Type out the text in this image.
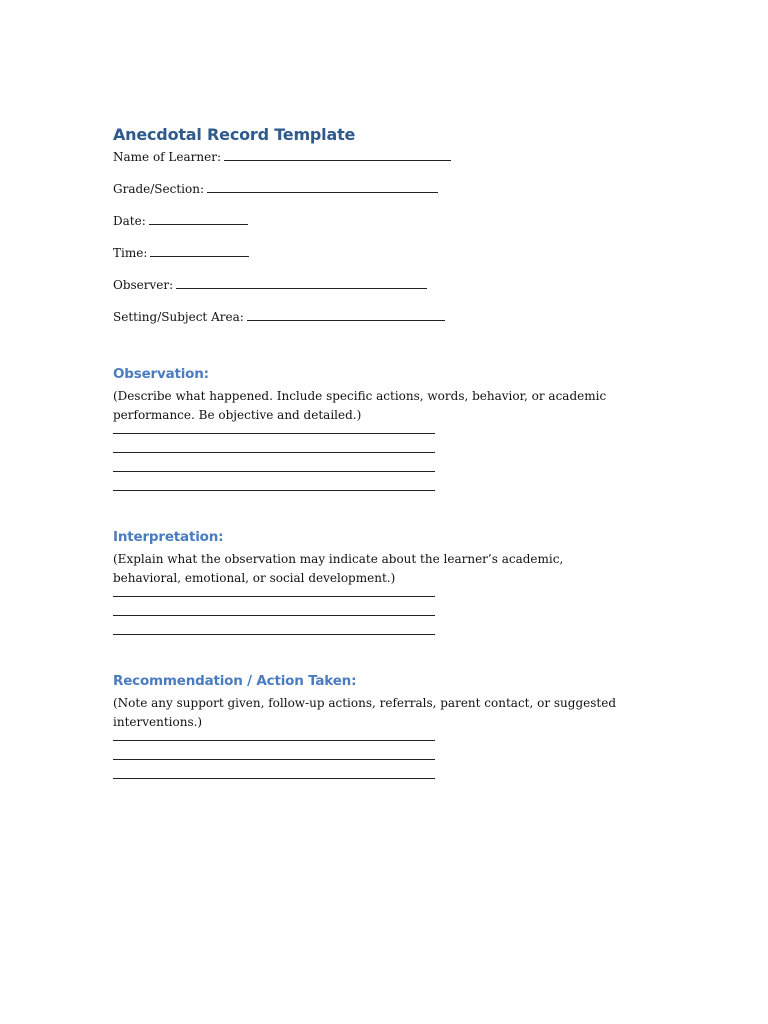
Anecdotal Record Template
Name of Learner:
Grade/Section:
Date:
Time:
Observer:
Setting/Subject Area:
Observation:

(Describe what happened. Include specific actions, words, behavior, or academic performance. Be objective and detailed.)

Interpretation:

(Explain what the observation may indicate about the learner’s academic, behavioral, emotional, or social development.)

Recommendation / Action Taken:

(Note any support given, follow-up actions, referrals, parent contact, or suggested interventions.)
